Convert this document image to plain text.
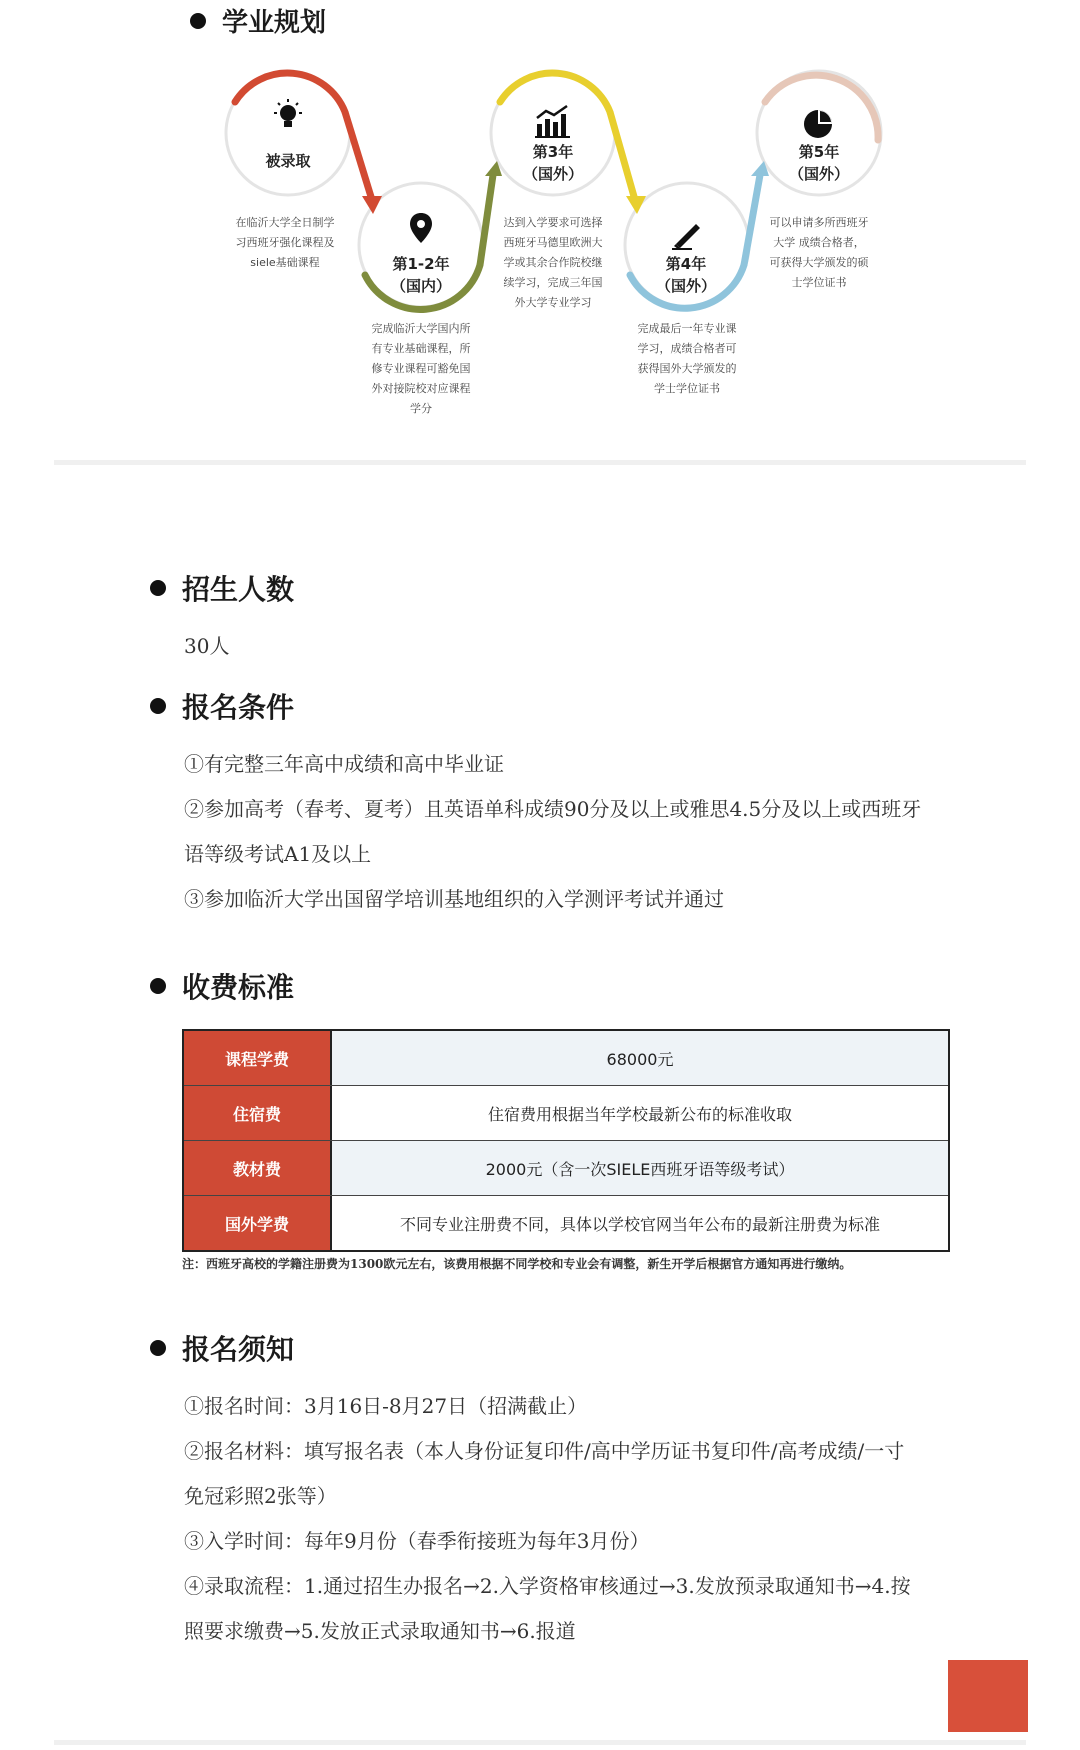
学业规划
被录取
在临沂大学全日制学
习西班牙强化课程及
siele基础课程	第1-2年
（国内）
完成临沂大学国内所
有专业基础课程，所
修专业课程可豁免国
外对接院校对应课程
学分
第3年
（国外）
达到入学要求可选择
西班牙马德里欧洲大
学或其余合作院校继
续学习，完成三年国
外大学专业学习
第4年
（国外）
完成最后一年专业课
学习，成绩合格者可
获得国外大学颁发的
学士学位证书
第5年
（国外）
可以申请多所西班牙
大学 成绩合格者，
可获得大学颁发的硕
士学位证书
招生人数
30人
报名条件
①有完整三年高中成绩和高中毕业证
②参加高考（春考、夏考）且英语单科成绩90分及以上或雅思4.5分及以上或西班牙
语等级考试A1及以上
③参加临沂大学出国留学培训基地组织的入学测评考试并通过
收费标准
课程学费	68000元
住宿费	住宿费用根据当年学校最新公布的标准收取
教材费	2000元（含一次SIELE西班牙语等级考试）
国外学费	不同专业注册费不同，具体以学校官网当年公布的最新注册费为标准
注：西班牙高校的学籍注册费为1300欧元左右，该费用根据不同学校和专业会有调整，新生开学后根据官方通知再进行缴纳。
报名须知
①报名时间：3月16日-8月27日（招满截止）
②报名材料：填写报名表（本人身份证复印件/高中学历证书复印件/高考成绩/一寸
免冠彩照2张等）
③入学时间：每年9月份（春季衔接班为每年3月份）
④录取流程：1.通过招生办报名→2.入学资格审核通过→3.发放预录取通知书→4.按
照要求缴费→5.发放正式录取通知书→6.报道
